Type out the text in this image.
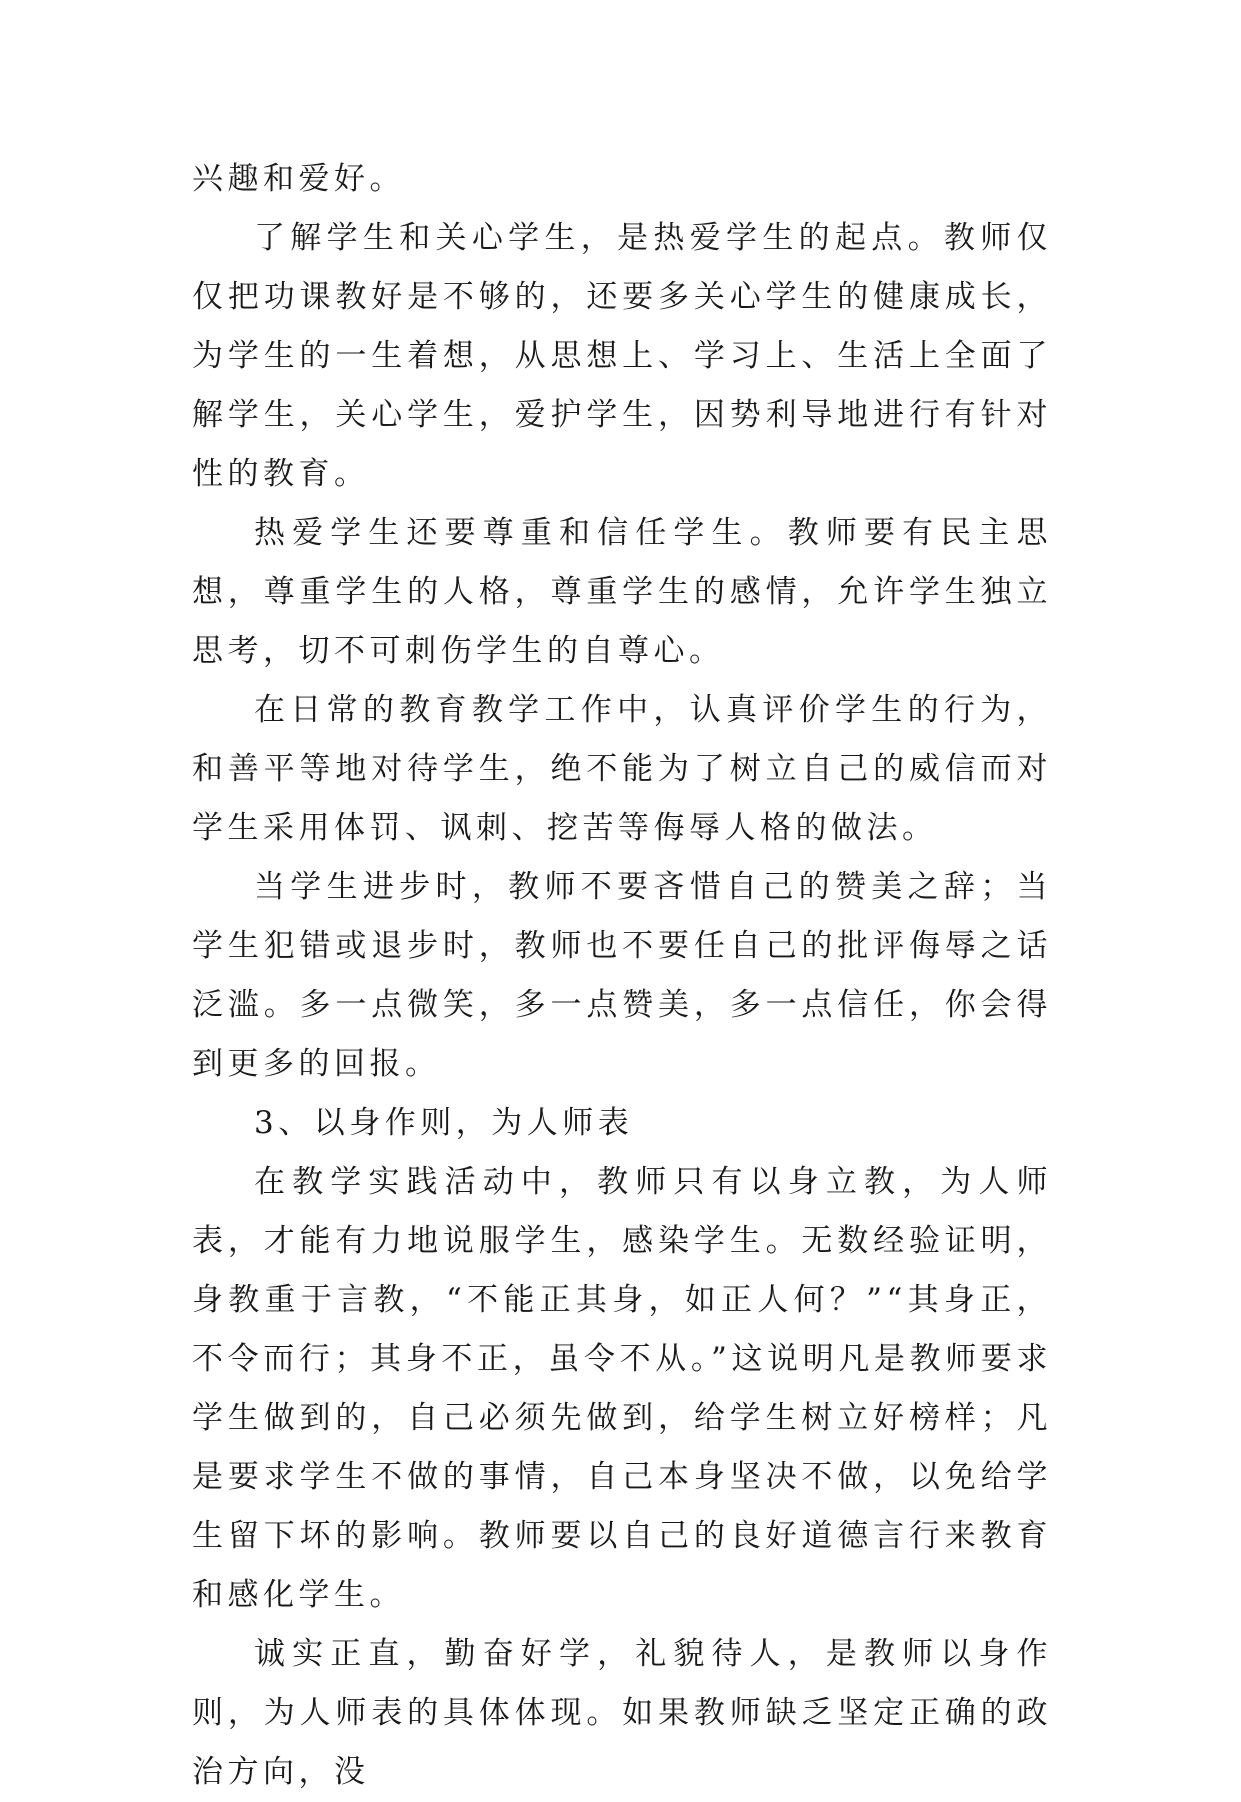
兴趣和爱好。

了解学生和关心学生，是热爱学生的起点。教师仅仅把功课教好是不够的，还要多关心学生的健康成长，为学生的一生着想，从思想上、学习上、生活上全面了解学生，关心学生，爱护学生，因势利导地进行有针对性的教育。

热爱学生还要尊重和信任学生。教师要有民主思想，尊重学生的人格，尊重学生的感情，允许学生独立思考，切不可刺伤学生的自尊心。

在日常的教育教学工作中，认真评价学生的行为，和善平等地对待学生，绝不能为了树立自己的威信而对学生采用体罚、讽刺、挖苦等侮辱人格的做法。

当学生进步时，教师不要吝惜自己的赞美之辞；当学生犯错或退步时，教师也不要任自己的批评侮辱之话泛滥。多一点微笑，多一点赞美，多一点信任，你会得到更多的回报。

3、以身作则，为人师表

在教学实践活动中，教师只有以身立教，为人师表，才能有力地说服学生，感染学生。无数经验证明，身教重于言教，“不能正其身，如正人何？”“其身正，不令而行；其身不正，虽令不从。”这说明凡是教师要求学生做到的，自己必须先做到，给学生树立好榜样；凡是要求学生不做的事情，自己本身坚决不做，以免给学生留下坏的影响。教师要以自己的良好道德言行来教育和感化学生。

诚实正直，勤奋好学，礼貌待人，是教师以身作则，为人师表的具体体现。如果教师缺乏坚定正确的政治方向，没
